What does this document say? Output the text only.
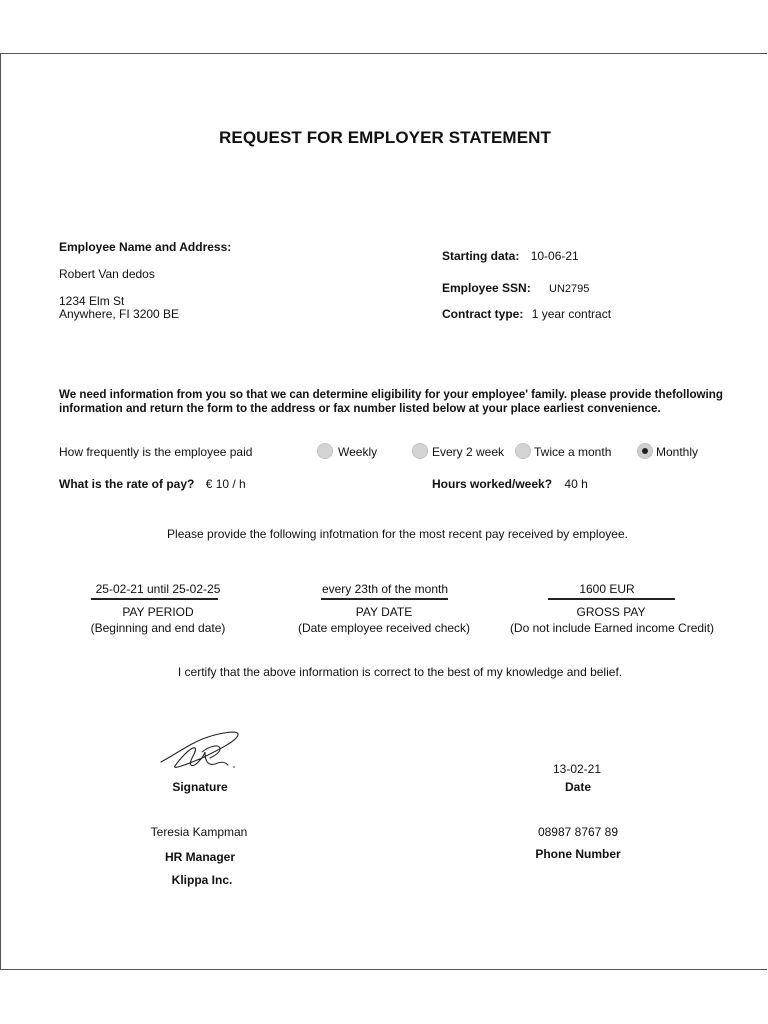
REQUEST FOR EMPLOYER STATEMENT
Employee Name and Address:
Robert Van dedos
1234 Elm St
Anywhere, FI 3200 BE
Starting data: 10-06-21
Employee SSN: UN2795
Contract type: 1 year contract
We need information from you so that we can determine eligibility for your employee' family. please provide thefollowing
information and return the form to the address or fax number listed below at your place earliest convenience.
How frequently is the employee paid	Weekly	Every 2 week Twice a month	Monthly
What is the rate of pay? € 10 / h	Hours worked/week? 40 h
Please provide the following infotmation for the most recent pay received by employee.
25-02-21 until 25-02-25
PAY PERIOD
(Beginning and end date)
every 23th of the month
PAY DATE
(Date employee received check)
1600 EUR
GROSS PAY
(Do not include Earned income Credit)
I certify that the above information is correct to the best of my knowledge and belief.
Signature
13-02-21
Date
Teresia Kampman
HR Manager
Klippa Inc.
08987 8767 89
Phone Number
